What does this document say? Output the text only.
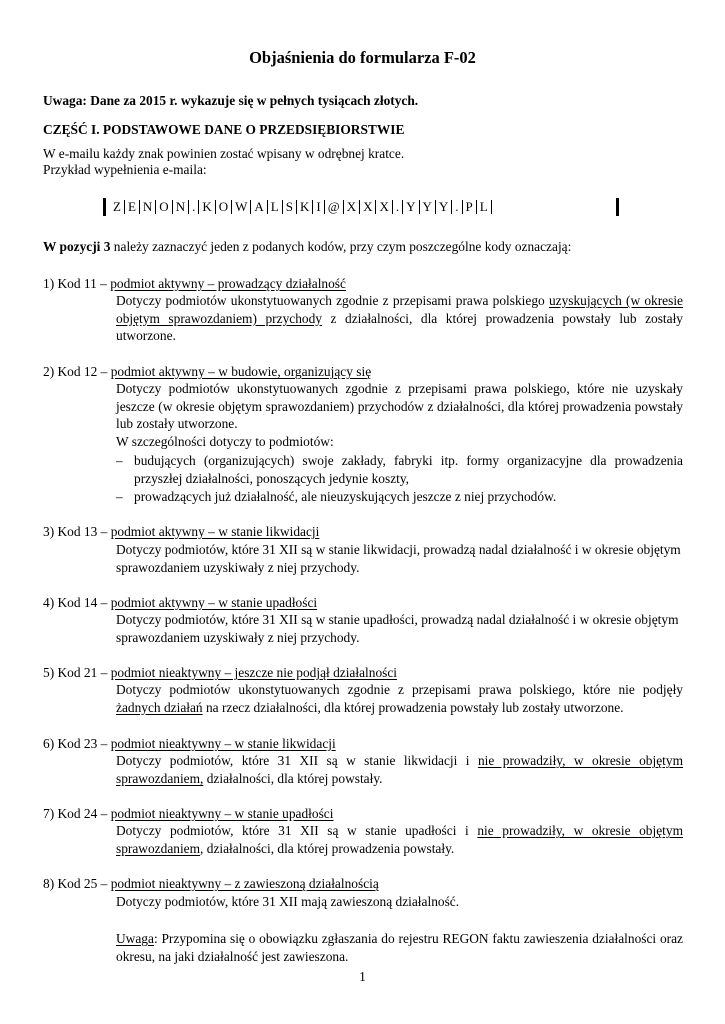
Objaśnienia do formularza F-02
Uwaga: Dane za 2015 r. wykazuje się w pełnych tysiącach złotych.
CZĘŚĆ I. PODSTAWOWE DANE O PRZEDSIĘBIORSTWIE
W e-mailu każdy znak powinien zostać wpisany w odrębnej kratce.
Przykład wypełnienia e-maila:
Z E N O N . K O W A L S K I @ X X X . Y Y Y . P L
W pozycji 3 należy zaznaczyć jeden z podanych kodów, przy czym poszczególne kody oznaczają:
1) Kod 11 – podmiot aktywny – prowadzący działalność
Dotyczy podmiotów ukonstytuowanych zgodnie z przepisami prawa polskiego uzyskujących (w okresie
objętym sprawozdaniem) przychody z działalności, dla której prowadzenia powstały lub zostały
utworzone.
2) Kod 12 – podmiot aktywny – w budowie, organizujący się
Dotyczy podmiotów ukonstytuowanych zgodnie z przepisami prawa polskiego, które nie uzyskały
jeszcze (w okresie objętym sprawozdaniem) przychodów z działalności, dla której prowadzenia powstały
lub zostały utworzone.
W szczególności dotyczy to podmiotów:
– budujących (organizujących) swoje zakłady, fabryki itp. formy organizacyjne dla prowadzenia
przyszłej działalności, ponoszących jedynie koszty,
– prowadzących już działalność, ale nieuzyskujących jeszcze z niej przychodów.
3) Kod 13 – podmiot aktywny – w stanie likwidacji
Dotyczy podmiotów, które 31 XII są w stanie likwidacji, prowadzą nadal działalność i w okresie objętym
sprawozdaniem uzyskiwały z niej przychody.
4) Kod 14 – podmiot aktywny – w stanie upadłości
Dotyczy podmiotów, które 31 XII są w stanie upadłości, prowadzą nadal działalność i w okresie objętym
sprawozdaniem uzyskiwały z niej przychody.
5) Kod 21 – podmiot nieaktywny – jeszcze nie podjął działalności
Dotyczy podmiotów ukonstytuowanych zgodnie z przepisami prawa polskiego, które nie podjęły
żadnych działań na rzecz działalności, dla której prowadzenia powstały lub zostały utworzone.
6) Kod 23 – podmiot nieaktywny – w stanie likwidacji
Dotyczy podmiotów, które 31 XII są w stanie likwidacji i nie prowadziły, w okresie objętym
sprawozdaniem, działalności, dla której powstały.
7) Kod 24 – podmiot nieaktywny – w stanie upadłości
Dotyczy podmiotów, które 31 XII są w stanie upadłości i nie prowadziły, w okresie objętym
sprawozdaniem, działalności, dla której prowadzenia powstały.
8) Kod 25 – podmiot nieaktywny – z zawieszoną działalnością
Dotyczy podmiotów, które 31 XII mają zawieszoną działalność.
Uwaga: Przypomina się o obowiązku zgłaszania do rejestru REGON faktu zawieszenia działalności oraz
okresu, na jaki działalność jest zawieszona.
1
